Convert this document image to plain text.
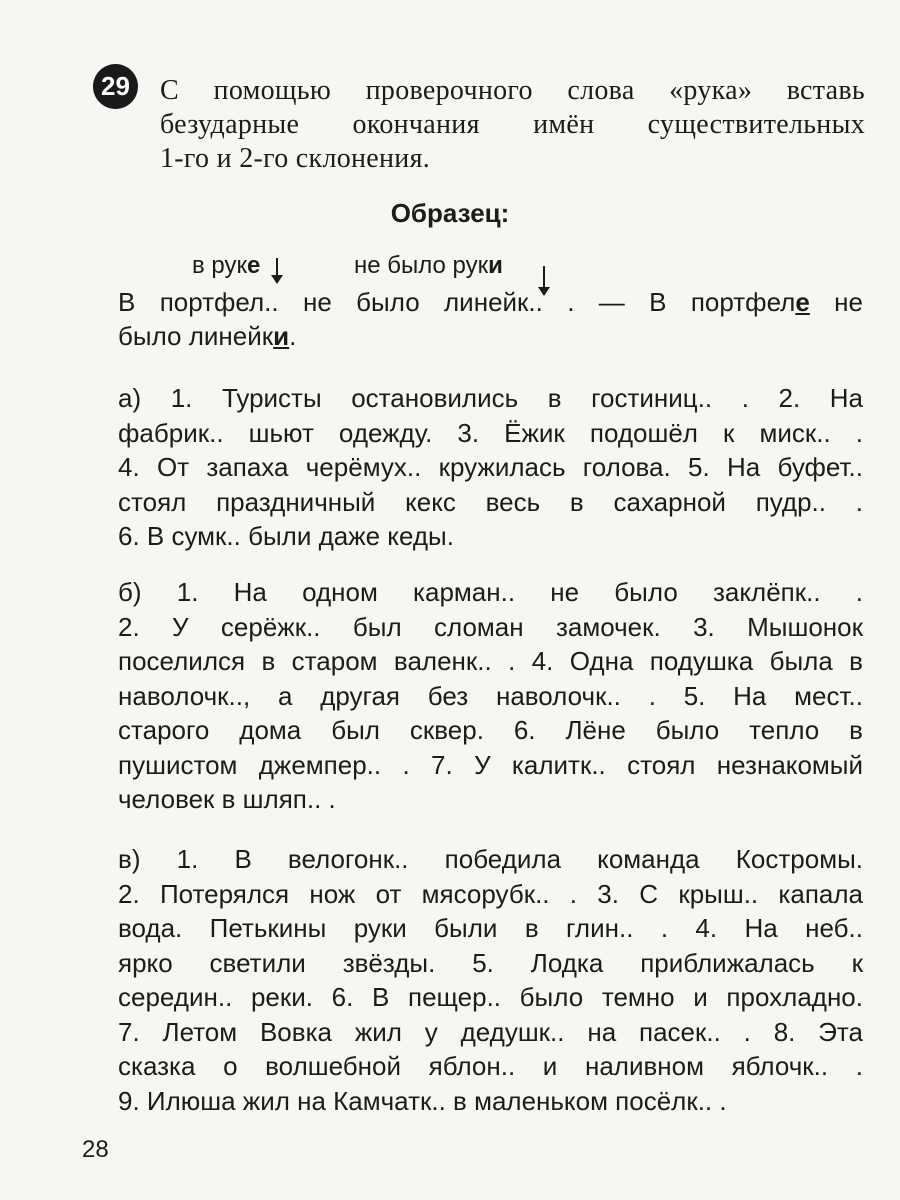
29 С помощью проверочного слова «рука» вставь
безударные окончания имён существительных
1-го и 2-го склонения.
Образец:
в руке	не было руки
В портфел.. не было линейк.. . — В портфеле не
было линейки.
а) 1. Туристы остановились в гостиниц.. . 2. На
фабрик.. шьют одежду. 3. Ёжик подошёл к миск.. .
4. От запаха черёмух.. кружилась голова. 5. На буфет..
стоял праздничный кекс весь в сахарной пудр.. .
6. В сумк.. были даже кеды.
б) 1. На одном карман.. не было заклёпк.. .
2. У серёжк.. был сломан замочек. 3. Мышонок
поселился в старом валенк.. . 4. Одна подушка была в
наволочк.., а другая без наволочк.. . 5. На мест..
старого дома был сквер. 6. Лёне было тепло в
пушистом джемпер.. . 7. У калитк.. стоял незнакомый
человек в шляп.. .
в) 1. В велогонк.. победила команда Костромы.
2. Потерялся нож от мясорубк.. . 3. С крыш.. капала
вода. Петькины руки были в глин.. . 4. На неб..
ярко светили звёзды. 5. Лодка приближалась к
середин.. реки. 6. В пещер.. было темно и прохладно.
7. Летом Вовка жил у дедушк.. на пасек.. . 8. Эта
сказка о волшебной яблон.. и наливном яблочк.. .
9. Илюша жил на Камчатк.. в маленьком посёлк.. .
28
